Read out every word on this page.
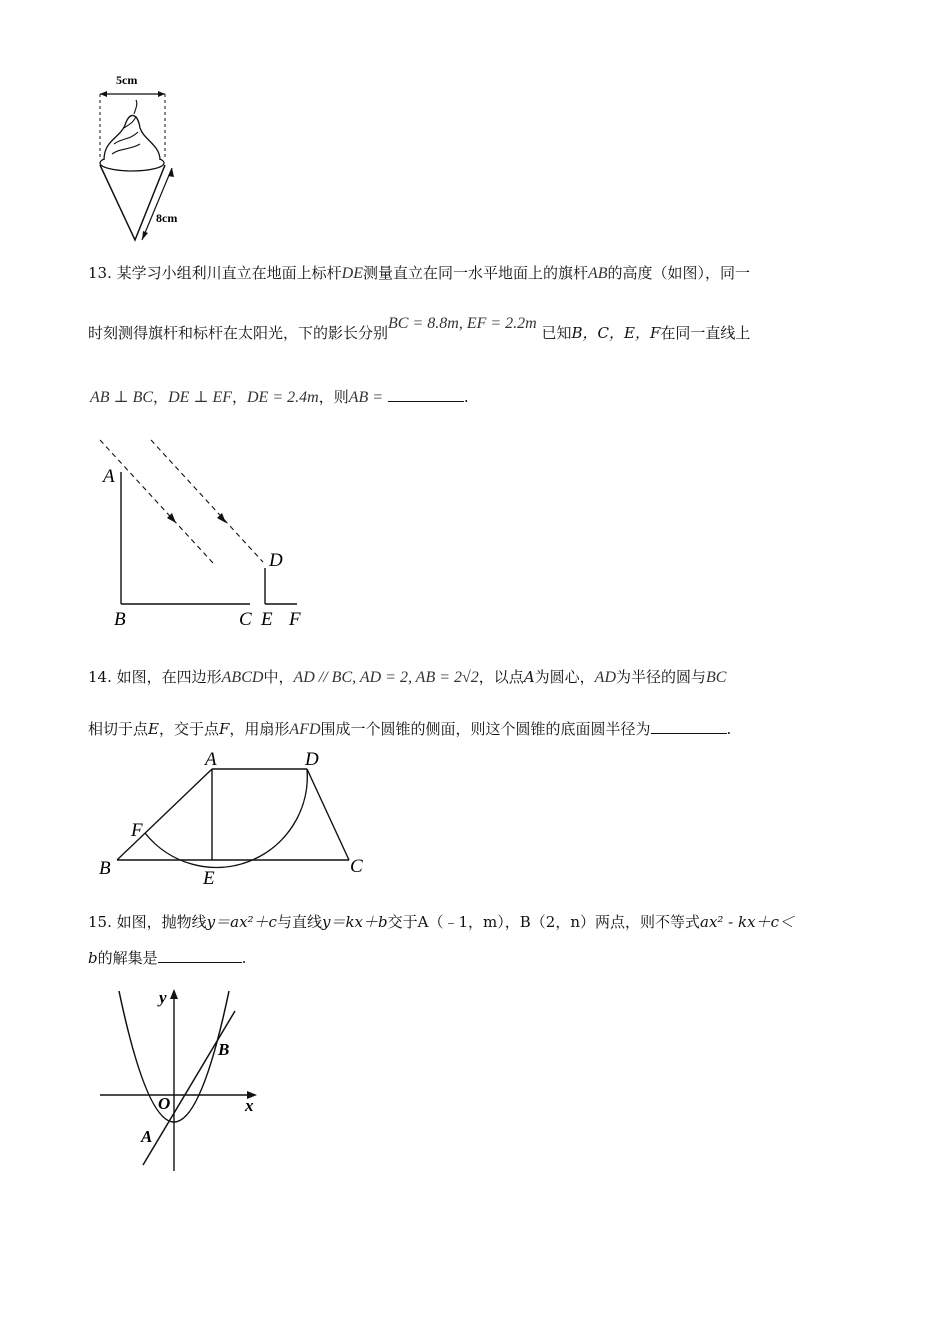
5cm
8cm
13. 某学习小组利川直立在地面上标杆DE测量直立在同一水平地面上的旗杆AB的高度（如图），同一
时刻测得旗杆和标杆在太阳光，下的影长分别BC = 8.8m, EF = 2.2m 已知B，C，E，F在同一直线上
AB ⊥ BC，DE ⊥ EF，DE = 2.4m，则AB =	.
A
B	C
D
E F
14. 如图，在四边形ABCD中，AD // BC, AD = 2, AB = 2√2，以点A为圆心，AD为半径的圆与BC
相切于点E，交于点F，用扇形AFD围成一个圆锥的侧面，则这个圆锥的底面圆半径为	.
A	D
F
B	E
C
15. 如图，抛物线y＝ax²＋c与直线y＝kx＋b交于A（﹣1，m），B（2，n）两点，则不等式ax² - kx＋c＜
b的解集是	.
y
x
O
A
B
